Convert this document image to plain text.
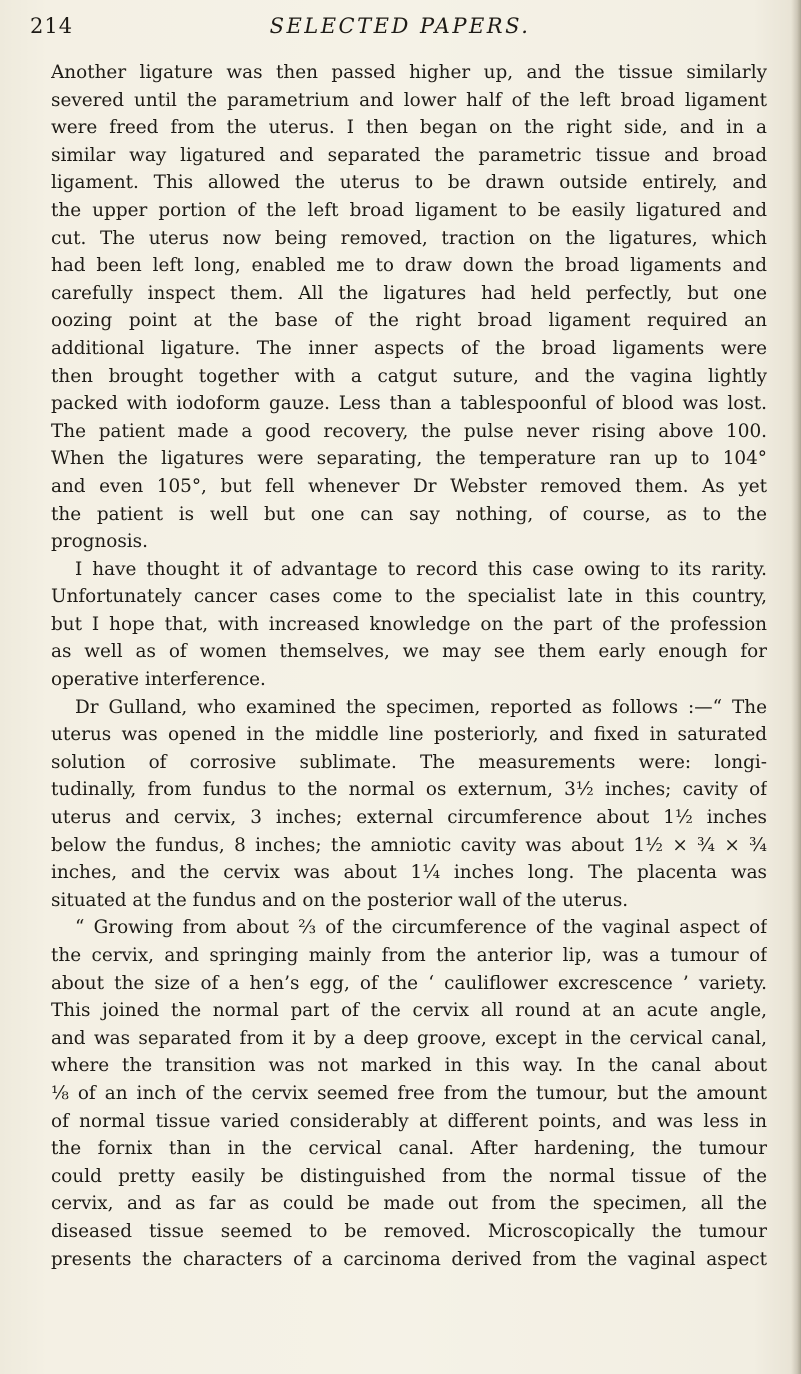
214	SELECTED PAPERS.
Another ligature was then passed higher up, and the tissue similarly
severed until the parametrium and lower half of the left broad ligament
were freed from the uterus. I then began on the right side, and in a
similar way ligatured and separated the parametric tissue and broad
ligament. This allowed the uterus to be drawn outside entirely, and
the upper portion of the left broad ligament to be easily ligatured and
cut. The uterus now being removed, traction on the ligatures, which
had been left long, enabled me to draw down the broad ligaments and
carefully inspect them. All the ligatures had held perfectly, but one
oozing point at the base of the right broad ligament required an
additional ligature. The inner aspects of the broad ligaments were
then brought together with a catgut suture, and the vagina lightly
packed with iodoform gauze. Less than a tablespoonful of blood was lost.
The patient made a good recovery, the pulse never rising above 100.
When the ligatures were separating, the temperature ran up to 104°
and even 105°, but fell whenever Dr Webster removed them. As yet
the patient is well but one can say nothing, of course, as to the
prognosis.
I have thought it of advantage to record this case owing to its rarity.
Unfortunately cancer cases come to the specialist late in this country,
but I hope that, with increased knowledge on the part of the profession
as well as of women themselves, we may see them early enough for
operative interference.
Dr Gulland, who examined the specimen, reported as follows :—“ The
uterus was opened in the middle line posteriorly, and fixed in saturated
solution of corrosive sublimate. The measurements were: longi-
tudinally, from fundus to the normal os externum, 3½ inches; cavity of
uterus and cervix, 3 inches; external circumference about 1½ inches
below the fundus, 8 inches; the amniotic cavity was about 1½ × ¾ × ¾
inches, and the cervix was about 1¼ inches long. The placenta was
situated at the fundus and on the posterior wall of the uterus.
“ Growing from about ⅔ of the circumference of the vaginal aspect of
the cervix, and springing mainly from the anterior lip, was a tumour of
about the size of a hen’s egg, of the ‘ cauliflower excrescence ’ variety.
This joined the normal part of the cervix all round at an acute angle,
and was separated from it by a deep groove, except in the cervical canal,
where the transition was not marked in this way. In the canal about
⅛ of an inch of the cervix seemed free from the tumour, but the amount
of normal tissue varied considerably at different points, and was less in
the fornix than in the cervical canal. After hardening, the tumour
could pretty easily be distinguished from the normal tissue of the
cervix, and as far as could be made out from the specimen, all the
diseased tissue seemed to be removed. Microscopically the tumour
presents the characters of a carcinoma derived from the vaginal aspect
